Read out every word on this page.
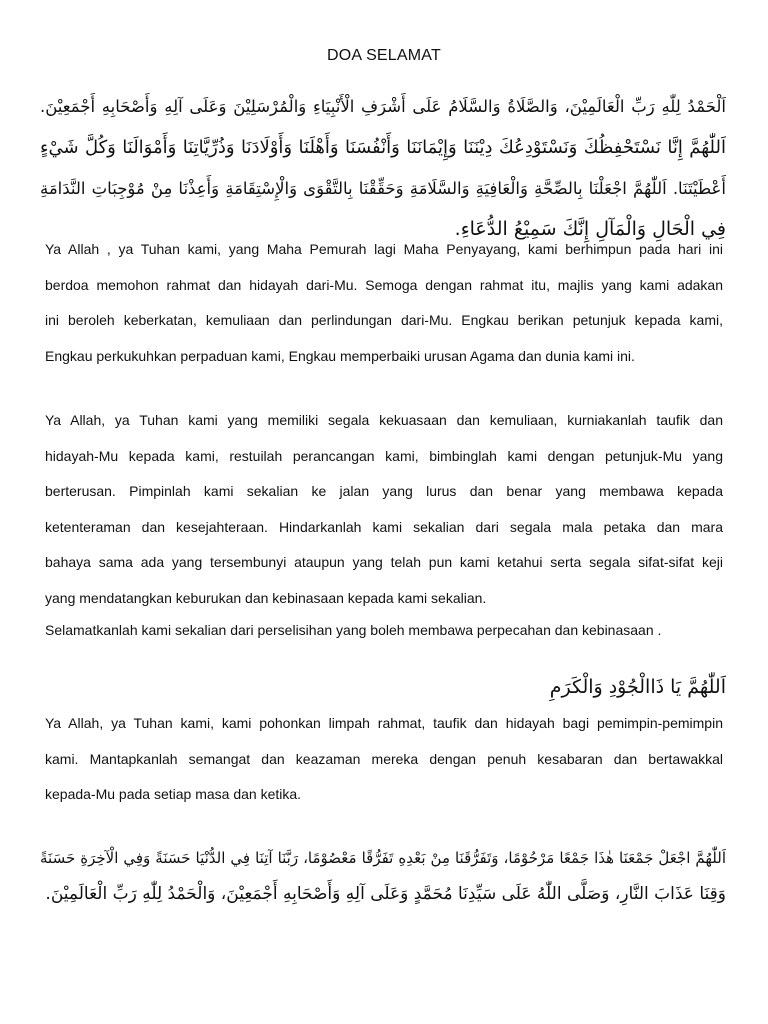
DOA SELAMAT
اَلْحَمْدُ لِلّٰهِ رَبِّ الْعَالَمِيْنَ، وَالصَّلَاةُ وَالسَّلَامُ عَلَى أَشْرَفِ الْأَنْبِيَاءِ وَالْمُرْسَلِيْنَ وَعَلَى آلِهِ وَأَصْحَابِهِ أَجْمَعِيْنَ.
اَللّٰهُمَّ إِنَّا نَسْتَحْفِظُكَ وَنَسْتَوْدِعُكَ دِيْنَنَا وَإِيْمَانَنَا وَأَنْفُسَنَا وَأَهْلَنَا وَأَوْلَادَنَا وَذُرِّيَّاتِنَا وَأَمْوَالَنَا وَكُلَّ شَيْءٍ
أَعْطَيْتَنَا. اَللّٰهُمَّ اجْعَلْنَا بِالصِّحَّةِ وَالْعَافِيَةِ وَالسَّلَامَةِ وَحَقِّقْنَا بِالتَّقْوَى وَالْإِسْتِقَامَةِ وَأَعِذْنَا مِنْ مُوْجِبَاتِ النَّدَامَةِ
فِي الْحَالِ وَالْمَآلِ إِنَّكَ سَمِيْعُ الدُّعَاءِ.
Ya Allah , ya Tuhan kami, yang Maha Pemurah lagi Maha Penyayang, kami berhimpun pada hari ini
berdoa memohon rahmat dan hidayah dari-Mu. Semoga dengan rahmat itu, majlis yang kami adakan
ini beroleh keberkatan, kemuliaan dan perlindungan dari-Mu. Engkau berikan petunjuk kepada kami,
Engkau perkukuhkan perpaduan kami, Engkau memperbaiki urusan Agama dan dunia kami ini.
Ya Allah, ya Tuhan kami yang memiliki segala kekuasaan dan kemuliaan, kurniakanlah taufik dan
hidayah-Mu kepada kami, restuilah perancangan kami, bimbinglah kami dengan petunjuk-Mu yang
berterusan. Pimpinlah kami sekalian ke jalan yang lurus dan benar yang membawa kepada
ketenteraman dan kesejahteraan. Hindarkanlah kami sekalian dari segala mala petaka dan mara
bahaya sama ada yang tersembunyi ataupun yang telah pun kami ketahui serta segala sifat-sifat keji
yang mendatangkan keburukan dan kebinasaan kepada kami sekalian.
Selamatkanlah kami sekalian dari perselisihan yang boleh membawa perpecahan dan kebinasaan .
اَللّٰهُمَّ يَا ذَاالْجُوْدِ وَالْكَرَمِ
Ya Allah, ya Tuhan kami, kami pohonkan limpah rahmat, taufik dan hidayah bagi pemimpin-pemimpin
kami. Mantapkanlah semangat dan keazaman mereka dengan penuh kesabaran dan bertawakkal
kepada-Mu pada setiap masa dan ketika.
اَللّٰهُمَّ اجْعَلْ جَمْعَنَا هٰذَا جَمْعًا مَرْحُوْمًا، وَتَفَرُّقَنَا مِنْ بَعْدِهِ تَفَرُّقًا مَعْصُوْمًا، رَبَّنَا آتِنَا فِي الدُّنْيَا حَسَنَةً وَفِي الْآخِرَةِ حَسَنَةً
وَقِنَا عَذَابَ النَّارِ، وَصَلَّى اللّٰهُ عَلَى سَيِّدِنَا مُحَمَّدٍ وَعَلَى آلِهِ وَأَصْحَابِهِ أَجْمَعِيْنَ، وَالْحَمْدُ لِلّٰهِ رَبِّ الْعَالَمِيْنَ.
